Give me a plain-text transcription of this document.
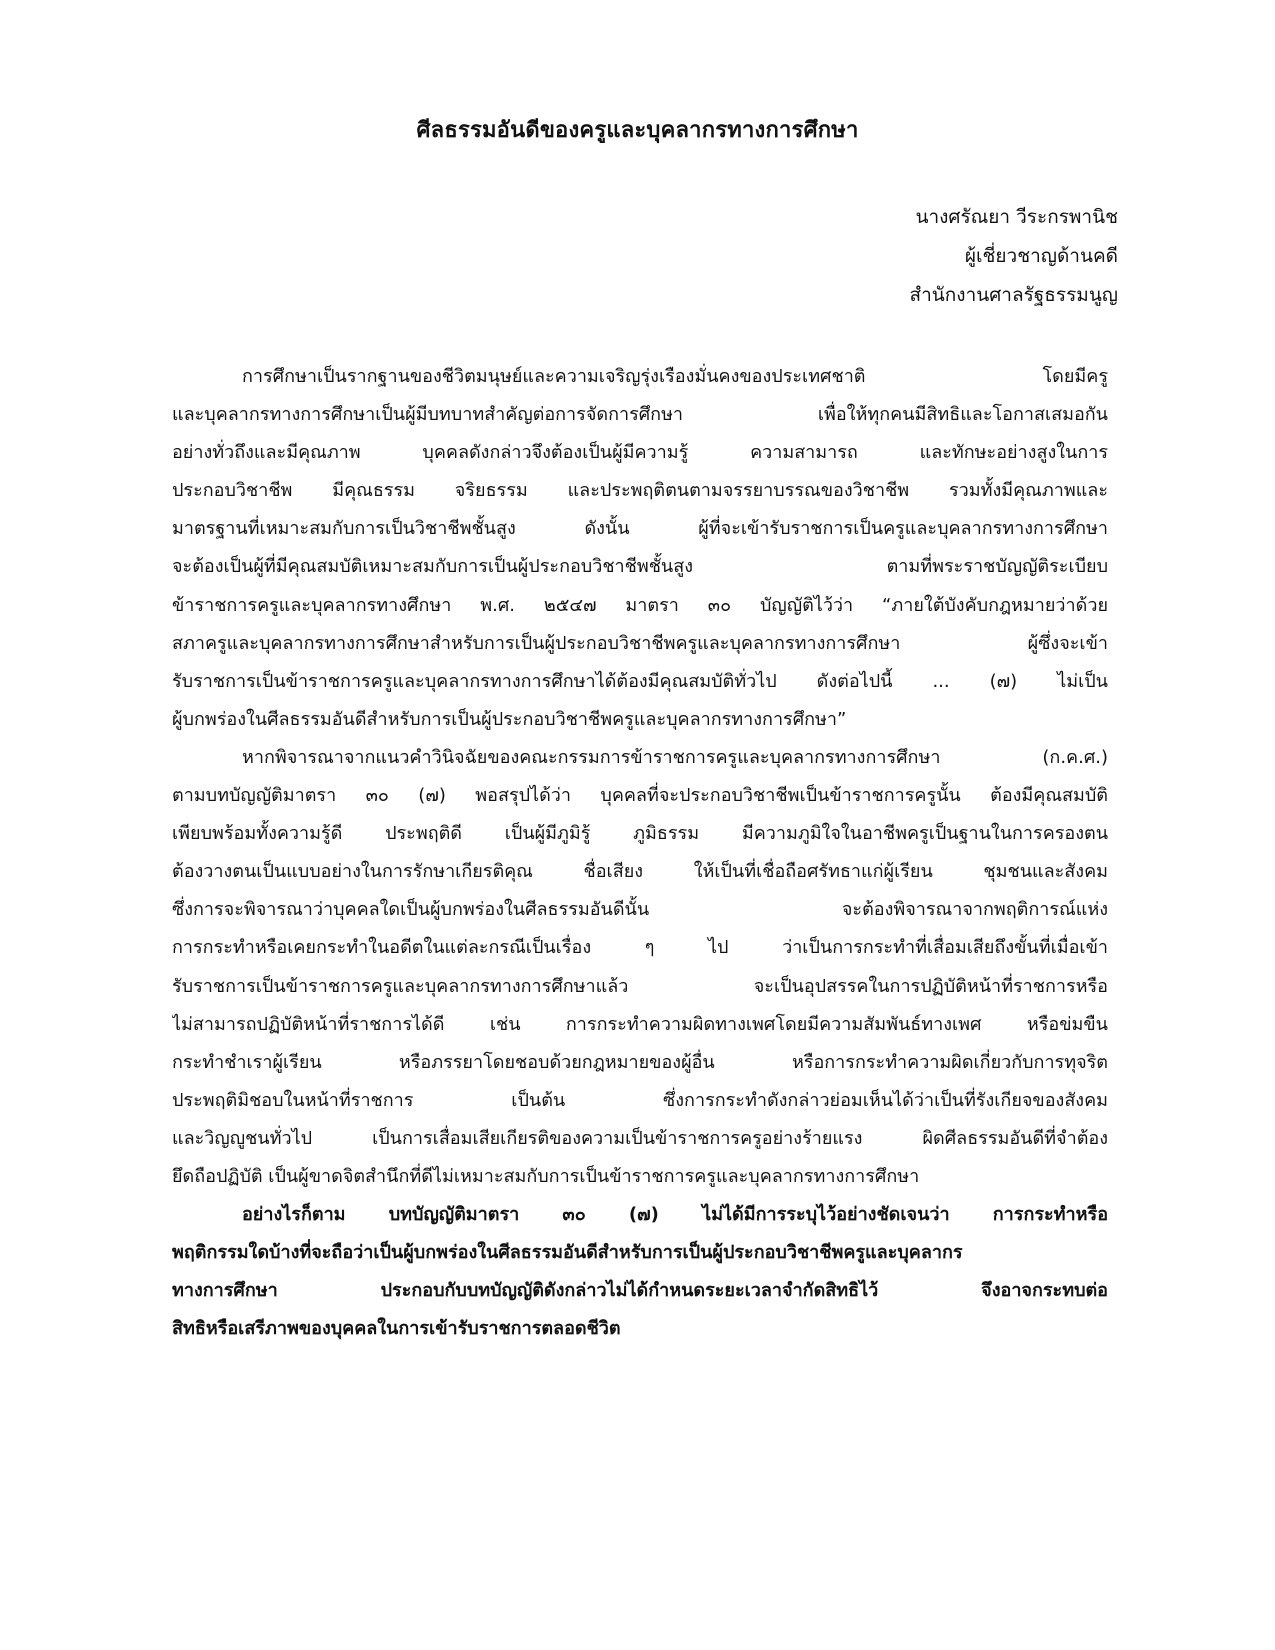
ศีลธรรมอันดีของครูและบุคลากรทางการศึกษา
นางศรัณยา วีระกรพานิช
ผู้เชี่ยวชาญด้านคดี
สำนักงานศาลรัฐธรรมนูญ
การศึกษาเป็นรากฐานของชีวิตมนุษย์และความเจริญรุ่งเรืองมั่นคงของประเทศชาติ โดยมีครู
และบุคลากรทางการศึกษาเป็นผู้มีบทบาทสำคัญต่อการจัดการศึกษา เพื่อให้ทุกคนมีสิทธิและโอกาสเสมอกัน
อย่างทั่วถึงและมีคุณภาพ บุคคลดังกล่าวจึงต้องเป็นผู้มีความรู้ ความสามารถ และทักษะอย่างสูงในการ
ประกอบวิชาชีพ มีคุณธรรม จริยธรรม และประพฤติตนตามจรรยาบรรณของวิชาชีพ รวมทั้งมีคุณภาพและ
มาตรฐานที่เหมาะสมกับการเป็นวิชาชีพชั้นสูง ดังนั้น ผู้ที่จะเข้ารับราชการเป็นครูและบุคลากรทางการศึกษา
จะต้องเป็นผู้ที่มีคุณสมบัติเหมาะสมกับการเป็นผู้ประกอบวิชาชีพชั้นสูง ตามที่พระราชบัญญัติระเบียบ
ข้าราชการครูและบุคลากรทางศึกษา พ.ศ. ๒๕๔๗ มาตรา ๓๐ บัญญัติไว้ว่า “ภายใต้บังคับกฎหมายว่าด้วย
สภาครูและบุคลากรทางการศึกษาสำหรับการเป็นผู้ประกอบวิชาชีพครูและบุคลากรทางการศึกษา ผู้ซึ่งจะเข้า
รับราชการเป็นข้าราชการครูและบุคลากรทางการศึกษาได้ต้องมีคุณสมบัติทั่วไป ดังต่อไปนี้ ... (๗) ไม่เป็น
ผู้บกพร่องในศีลธรรมอันดีสำหรับการเป็นผู้ประกอบวิชาชีพครูและบุคลากรทางการศึกษา”
หากพิจารณาจากแนวคำวินิจฉัยของคณะกรรมการข้าราชการครูและบุคลากรทางการศึกษา (ก.ค.ศ.)
ตามบทบัญญัติมาตรา ๓๐ (๗) พอสรุปได้ว่า บุคคลที่จะประกอบวิชาชีพเป็นข้าราชการครูนั้น ต้องมีคุณสมบัติ
เพียบพร้อมทั้งความรู้ดี ประพฤติดี เป็นผู้มีภูมิรู้ ภูมิธรรม มีความภูมิใจในอาชีพครูเป็นฐานในการครองตน
ต้องวางตนเป็นแบบอย่างในการรักษาเกียรติคุณ ชื่อเสียง ให้เป็นที่เชื่อถือศรัทธาแก่ผู้เรียน ชุมชนและสังคม
ซึ่งการจะพิจารณาว่าบุคคลใดเป็นผู้บกพร่องในศีลธรรมอันดีนั้น จะต้องพิจารณาจากพฤติการณ์แห่ง
การกระทำหรือเคยกระทำในอดีตในแต่ละกรณีเป็นเรื่อง ๆ ไป ว่าเป็นการกระทำที่เสื่อมเสียถึงขั้นที่เมื่อเข้า
รับราชการเป็นข้าราชการครูและบุคลากรทางการศึกษาแล้ว จะเป็นอุปสรรคในการปฏิบัติหน้าที่ราชการหรือ
ไม่สามารถปฏิบัติหน้าที่ราชการได้ดี เช่น การกระทำความผิดทางเพศโดยมีความสัมพันธ์ทางเพศ หรือข่มขืน
กระทำชำเราผู้เรียน หรือภรรยาโดยชอบด้วยกฎหมายของผู้อื่น หรือการกระทำความผิดเกี่ยวกับการทุจริต
ประพฤติมิชอบในหน้าที่ราชการ เป็นต้น ซึ่งการกระทำดังกล่าวย่อมเห็นได้ว่าเป็นที่รังเกียจของสังคม
และวิญญูชนทั่วไป เป็นการเสื่อมเสียเกียรติของความเป็นข้าราชการครูอย่างร้ายแรง ผิดศีลธรรมอันดีที่จำต้อง
ยึดถือปฏิบัติ เป็นผู้ขาดจิตสำนึกที่ดีไม่เหมาะสมกับการเป็นข้าราชการครูและบุคลากรทางการศึกษา
อย่างไรก็ตาม บทบัญญัติมาตรา ๓๐ (๗) ไม่ได้มีการระบุไว้อย่างชัดเจนว่า การกระทำหรือ
พฤติกรรมใดบ้างที่จะถือว่าเป็นผู้บกพร่องในศีลธรรมอันดีสำหรับการเป็นผู้ประกอบวิชาชีพครูและบุคลากร
ทางการศึกษา ประกอบกับบทบัญญัติดังกล่าวไม่ได้กำหนดระยะเวลาจำกัดสิทธิไว้ จึงอาจกระทบต่อ
สิทธิหรือเสรีภาพของบุคคลในการเข้ารับราชการตลอดชีวิต
